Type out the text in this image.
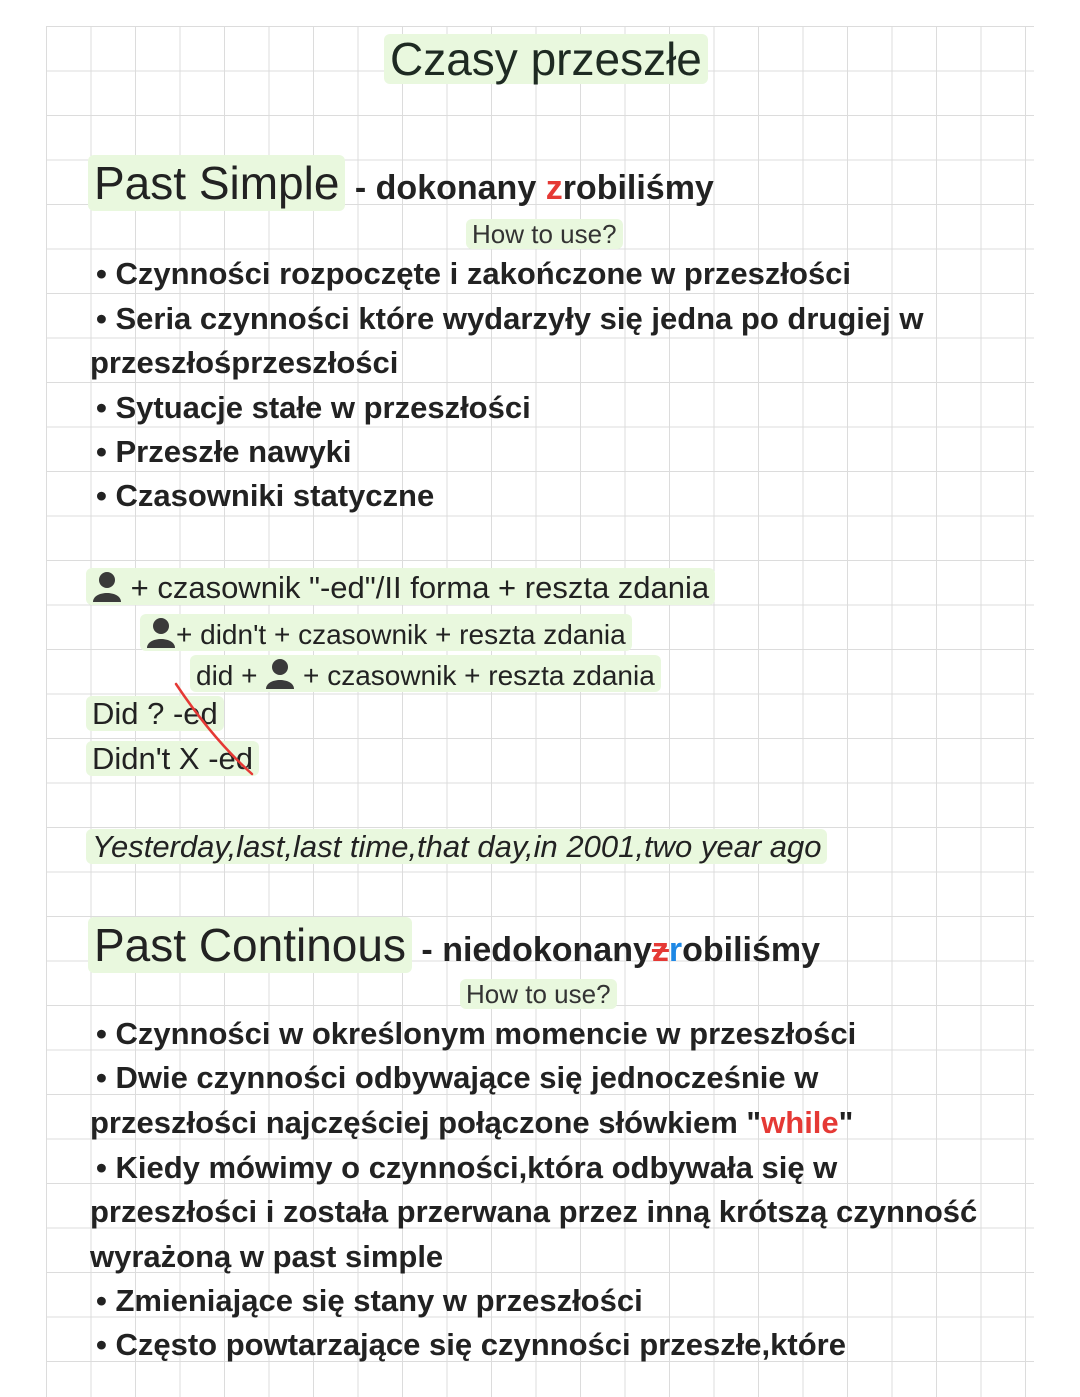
Czasy przeszłe
Past Simple - dokonany zrobiliśmy
How to use?
• Czynności rozpoczęte i zakończone w przeszłości
• Seria czynności które wydarzyły się jedna po drugiej w
przeszłośprzeszłości
• Sytuacje stałe w przeszłości
• Przeszłe nawyki
• Czasowniki statyczne
+ czasownik "-ed"/II forma + reszta zdania
+ didn't + czasownik + reszta zdania
did +  + czasownik + reszta zdania
Did ? -ed
Didn't X -ed
Yesterday,last,last time,that day,in 2001,two year ago
Past Continous - niedokonanyzrobiliśmy
How to use?
• Czynności w określonym momencie w przeszłości
• Dwie czynności odbywające się jednocześnie w
przeszłości najczęściej połączone słówkiem "while"
• Kiedy mówimy o czynności,która odbywała się w
przeszłości i została przerwana przez inną krótszą czynność
wyrażoną w past simple
• Zmieniające się stany w przeszłości
• Często powtarzające się czynności przeszłe,które
